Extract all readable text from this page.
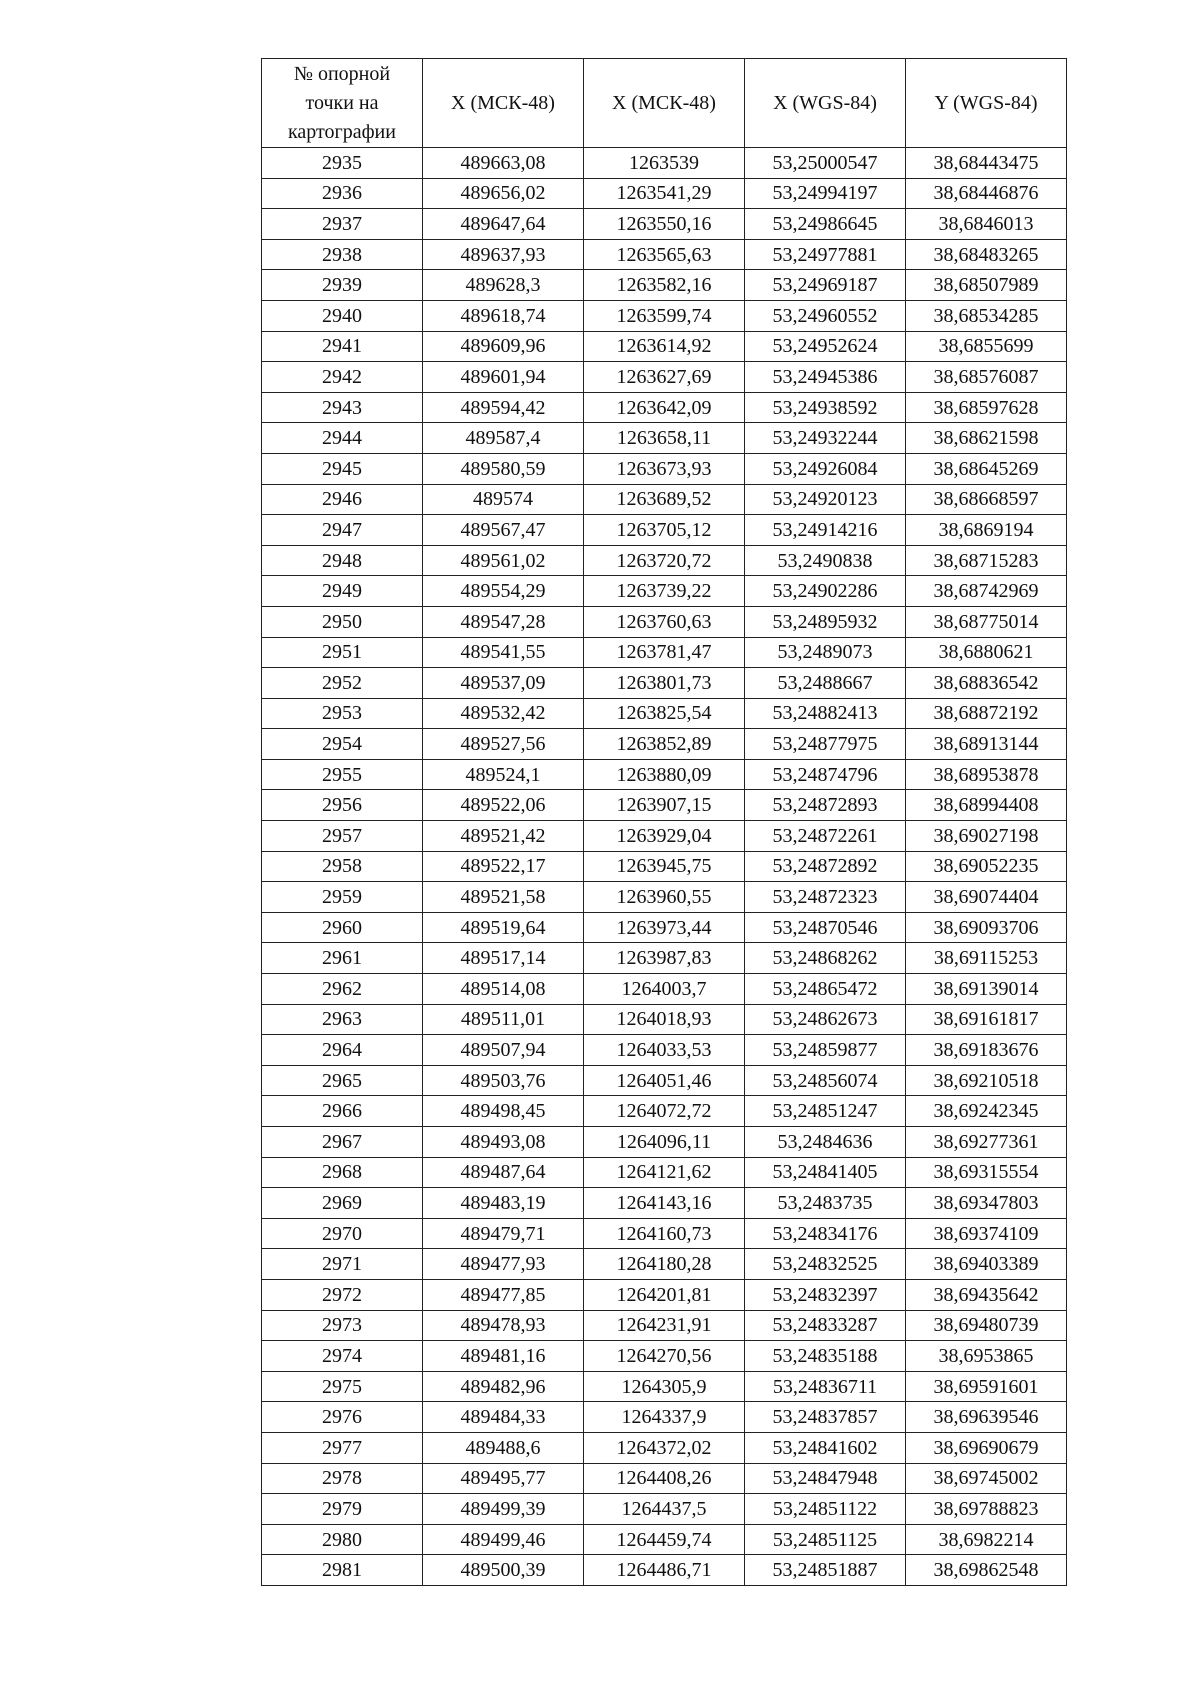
№ опорной
точки на
картографии	X (МСК-48)	X (МСК-48)	X (WGS-84)	Y (WGS-84)
2935	489663,08	1263539	53,25000547	38,68443475
2936	489656,02	1263541,29	53,24994197	38,68446876
2937	489647,64	1263550,16	53,24986645	38,6846013
2938	489637,93	1263565,63	53,24977881	38,68483265
2939	489628,3	1263582,16	53,24969187	38,68507989
2940	489618,74	1263599,74	53,24960552	38,68534285
2941	489609,96	1263614,92	53,24952624	38,6855699
2942	489601,94	1263627,69	53,24945386	38,68576087
2943	489594,42	1263642,09	53,24938592	38,68597628
2944	489587,4	1263658,11	53,24932244	38,68621598
2945	489580,59	1263673,93	53,24926084	38,68645269
2946	489574	1263689,52	53,24920123	38,68668597
2947	489567,47	1263705,12	53,24914216	38,6869194
2948	489561,02	1263720,72	53,2490838	38,68715283
2949	489554,29	1263739,22	53,24902286	38,68742969
2950	489547,28	1263760,63	53,24895932	38,68775014
2951	489541,55	1263781,47	53,2489073	38,6880621
2952	489537,09	1263801,73	53,2488667	38,68836542
2953	489532,42	1263825,54	53,24882413	38,68872192
2954	489527,56	1263852,89	53,24877975	38,68913144
2955	489524,1	1263880,09	53,24874796	38,68953878
2956	489522,06	1263907,15	53,24872893	38,68994408
2957	489521,42	1263929,04	53,24872261	38,69027198
2958	489522,17	1263945,75	53,24872892	38,69052235
2959	489521,58	1263960,55	53,24872323	38,69074404
2960	489519,64	1263973,44	53,24870546	38,69093706
2961	489517,14	1263987,83	53,24868262	38,69115253
2962	489514,08	1264003,7	53,24865472	38,69139014
2963	489511,01	1264018,93	53,24862673	38,69161817
2964	489507,94	1264033,53	53,24859877	38,69183676
2965	489503,76	1264051,46	53,24856074	38,69210518
2966	489498,45	1264072,72	53,24851247	38,69242345
2967	489493,08	1264096,11	53,2484636	38,69277361
2968	489487,64	1264121,62	53,24841405	38,69315554
2969	489483,19	1264143,16	53,2483735	38,69347803
2970	489479,71	1264160,73	53,24834176	38,69374109
2971	489477,93	1264180,28	53,24832525	38,69403389
2972	489477,85	1264201,81	53,24832397	38,69435642
2973	489478,93	1264231,91	53,24833287	38,69480739
2974	489481,16	1264270,56	53,24835188	38,6953865
2975	489482,96	1264305,9	53,24836711	38,69591601
2976	489484,33	1264337,9	53,24837857	38,69639546
2977	489488,6	1264372,02	53,24841602	38,69690679
2978	489495,77	1264408,26	53,24847948	38,69745002
2979	489499,39	1264437,5	53,24851122	38,69788823
2980	489499,46	1264459,74	53,24851125	38,6982214
2981	489500,39	1264486,71	53,24851887	38,69862548
